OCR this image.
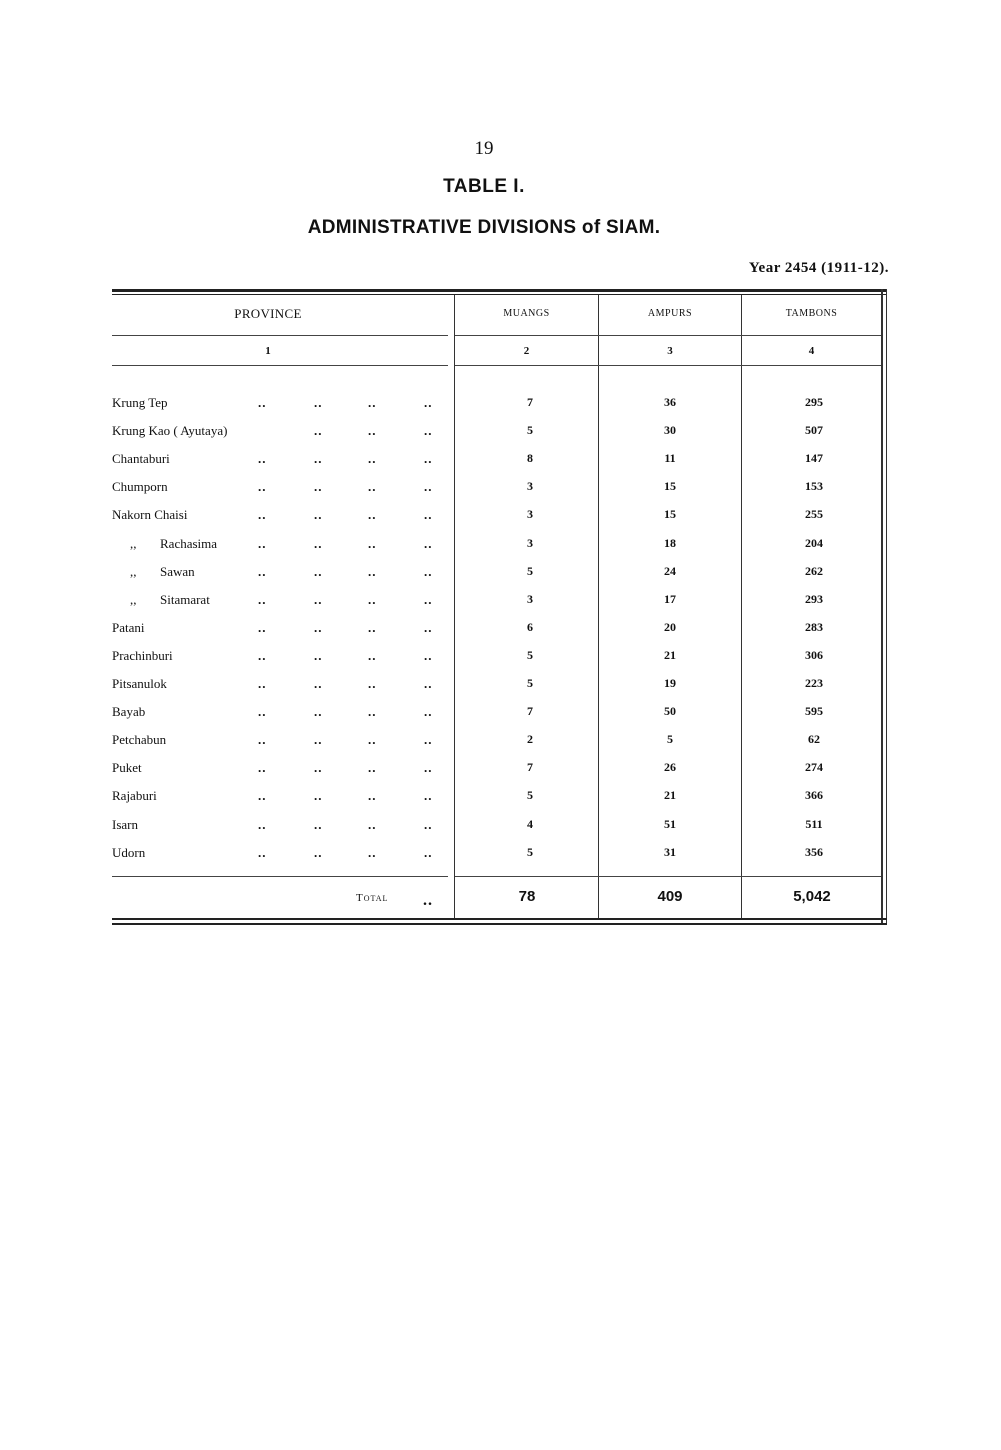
19
TABLE I.
ADMINISTRATIVE DIVISIONS of SIAM.
Year 2454 (1911-12).
PROVINCE	MUANGS	AMPURS	TAMBONS
1	2	3	4
Krung Tep	..	..	..	..	7	36	295
Krung Kao ( Ayutaya)	..	..	..	5	30	507
Chantaburi	..	..	..	..	8	11	147
Chumporn	..	..	..	..	3	15	153
Nakorn Chaisi	..	..	..	..	3	15	255
,, Rachasima	..	..	..	..	3	18	204
,, Sawan	..	..	..	..	5	24	262
,, Sitamarat	..	..	..	..	3	17	293
Patani	..	..	..	..	6	20	283
Prachinburi	..	..	..	..	5	21	306
Pitsanulok	..	..	..	..	5	19	223
Bayab	..	..	..	..	7	50	595
Petchabun	..	..	..	..	2	5	62
Puket	..	..	..	..	7	26	274
Rajaburi	..	..	..	..	5	21	366
Isarn	..	..	..	..	4	51	511
Udorn	..	..	..	..	5	31	356
Total ..	78	409	5,042
